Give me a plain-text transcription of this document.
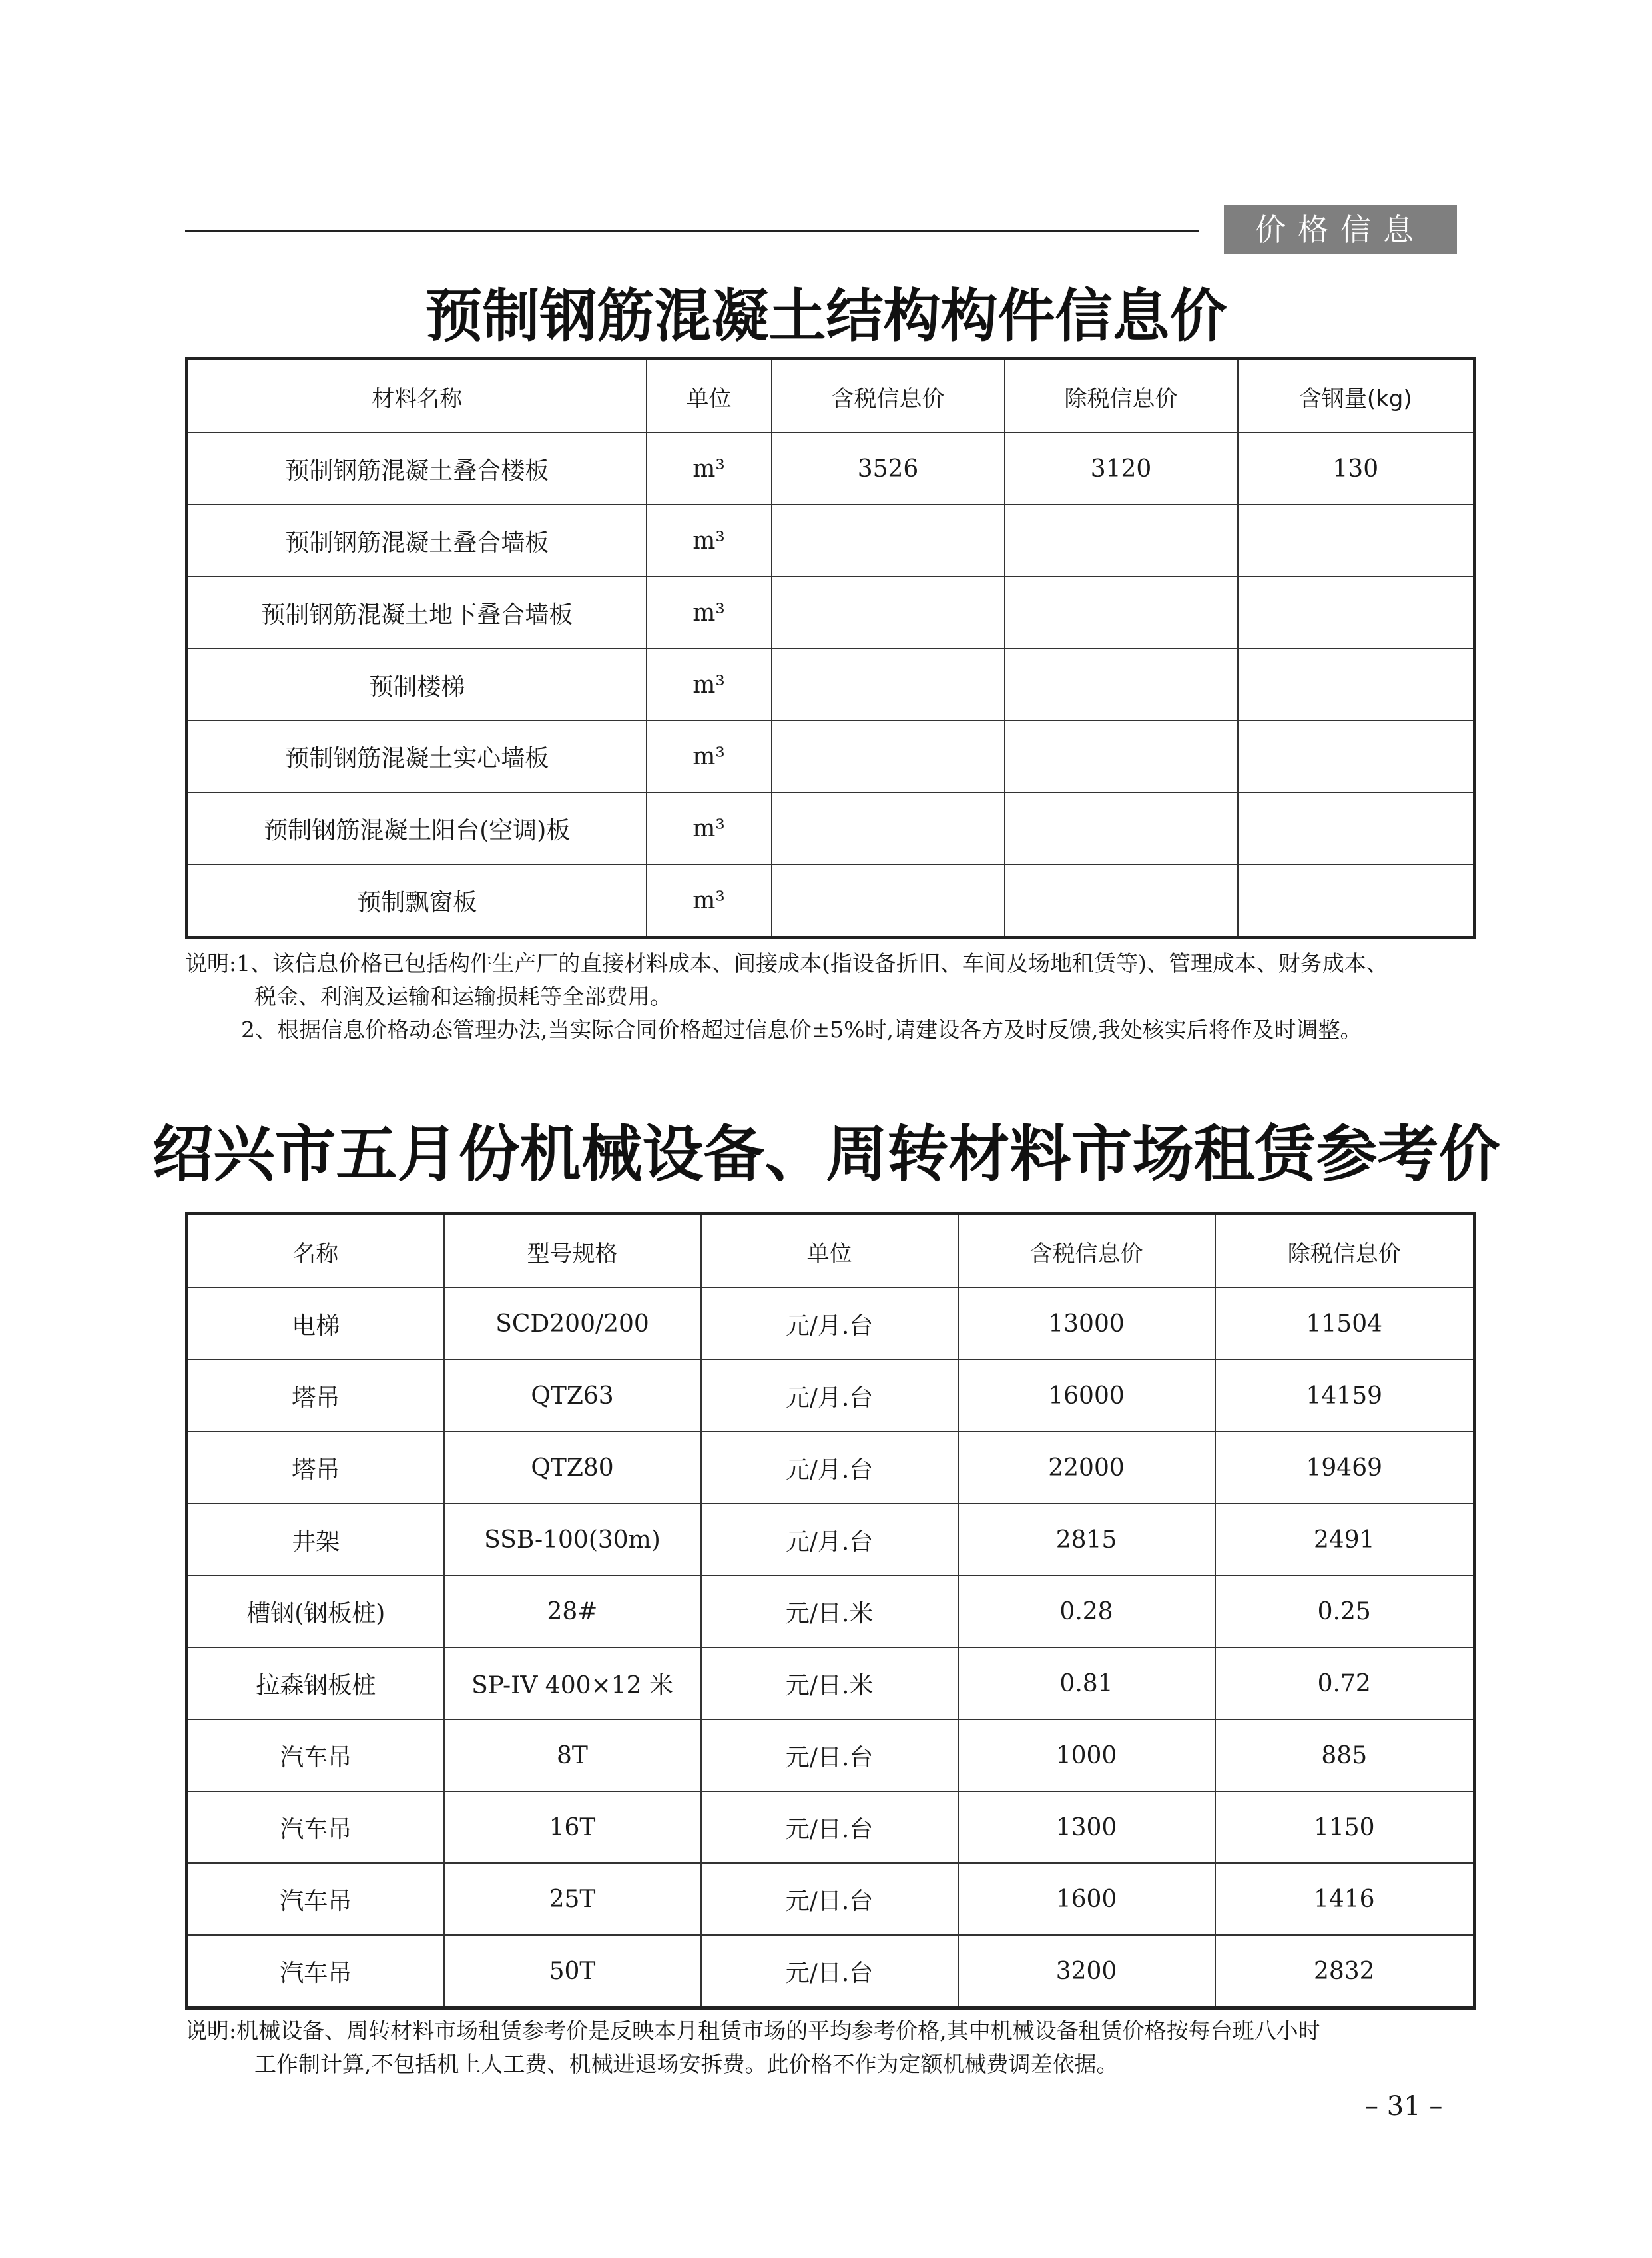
价格信息
预制钢筋混凝土结构构件信息价
材料名称	单位	含税信息价	除税信息价	含钢量(kg)
预制钢筋混凝土叠合楼板	m³	3526	3120	130
预制钢筋混凝土叠合墙板	m³			
预制钢筋混凝土地下叠合墙板	m³			
预制楼梯	m³			
预制钢筋混凝土实心墙板	m³			
预制钢筋混凝土阳台(空调)板	m³			
预制飘窗板	m³			

说明:1、该信息价格已包括构件生产厂的直接材料成本、间接成本(指设备折旧、车间及场地租赁等)、管理成本、财务成本、

税金、利润及运输和运输损耗等全部费用。

2、根据信息价格动态管理办法,当实际合同价格超过信息价±5%时,请建设各方及时反馈,我处核实后将作及时调整。

绍兴市五月份机械设备、周转材料市场租赁参考价
名称	型号规格	单位	含税信息价	除税信息价
电梯	SCD200/200	元/月.台	13000	11504
塔吊	QTZ63	元/月.台	16000	14159
塔吊	QTZ80	元/月.台	22000	19469
井架	SSB-100(30m)	元/月.台	2815	2491
槽钢(钢板桩)	28#	元/日.米	0.28	0.25
拉森钢板桩	SP-IV 400×12 米	元/日.米	0.81	0.72
汽车吊	8T	元/日.台	1000	885
汽车吊	16T	元/日.台	1300	1150
汽车吊	25T	元/日.台	1600	1416
汽车吊	50T	元/日.台	3200	2832

说明:机械设备、周转材料市场租赁参考价是反映本月租赁市场的平均参考价格,其中机械设备租赁价格按每台班八小时

工作制计算,不包括机上人工费、机械进退场安拆费。此价格不作为定额机械费调差依据。

– 31 –
